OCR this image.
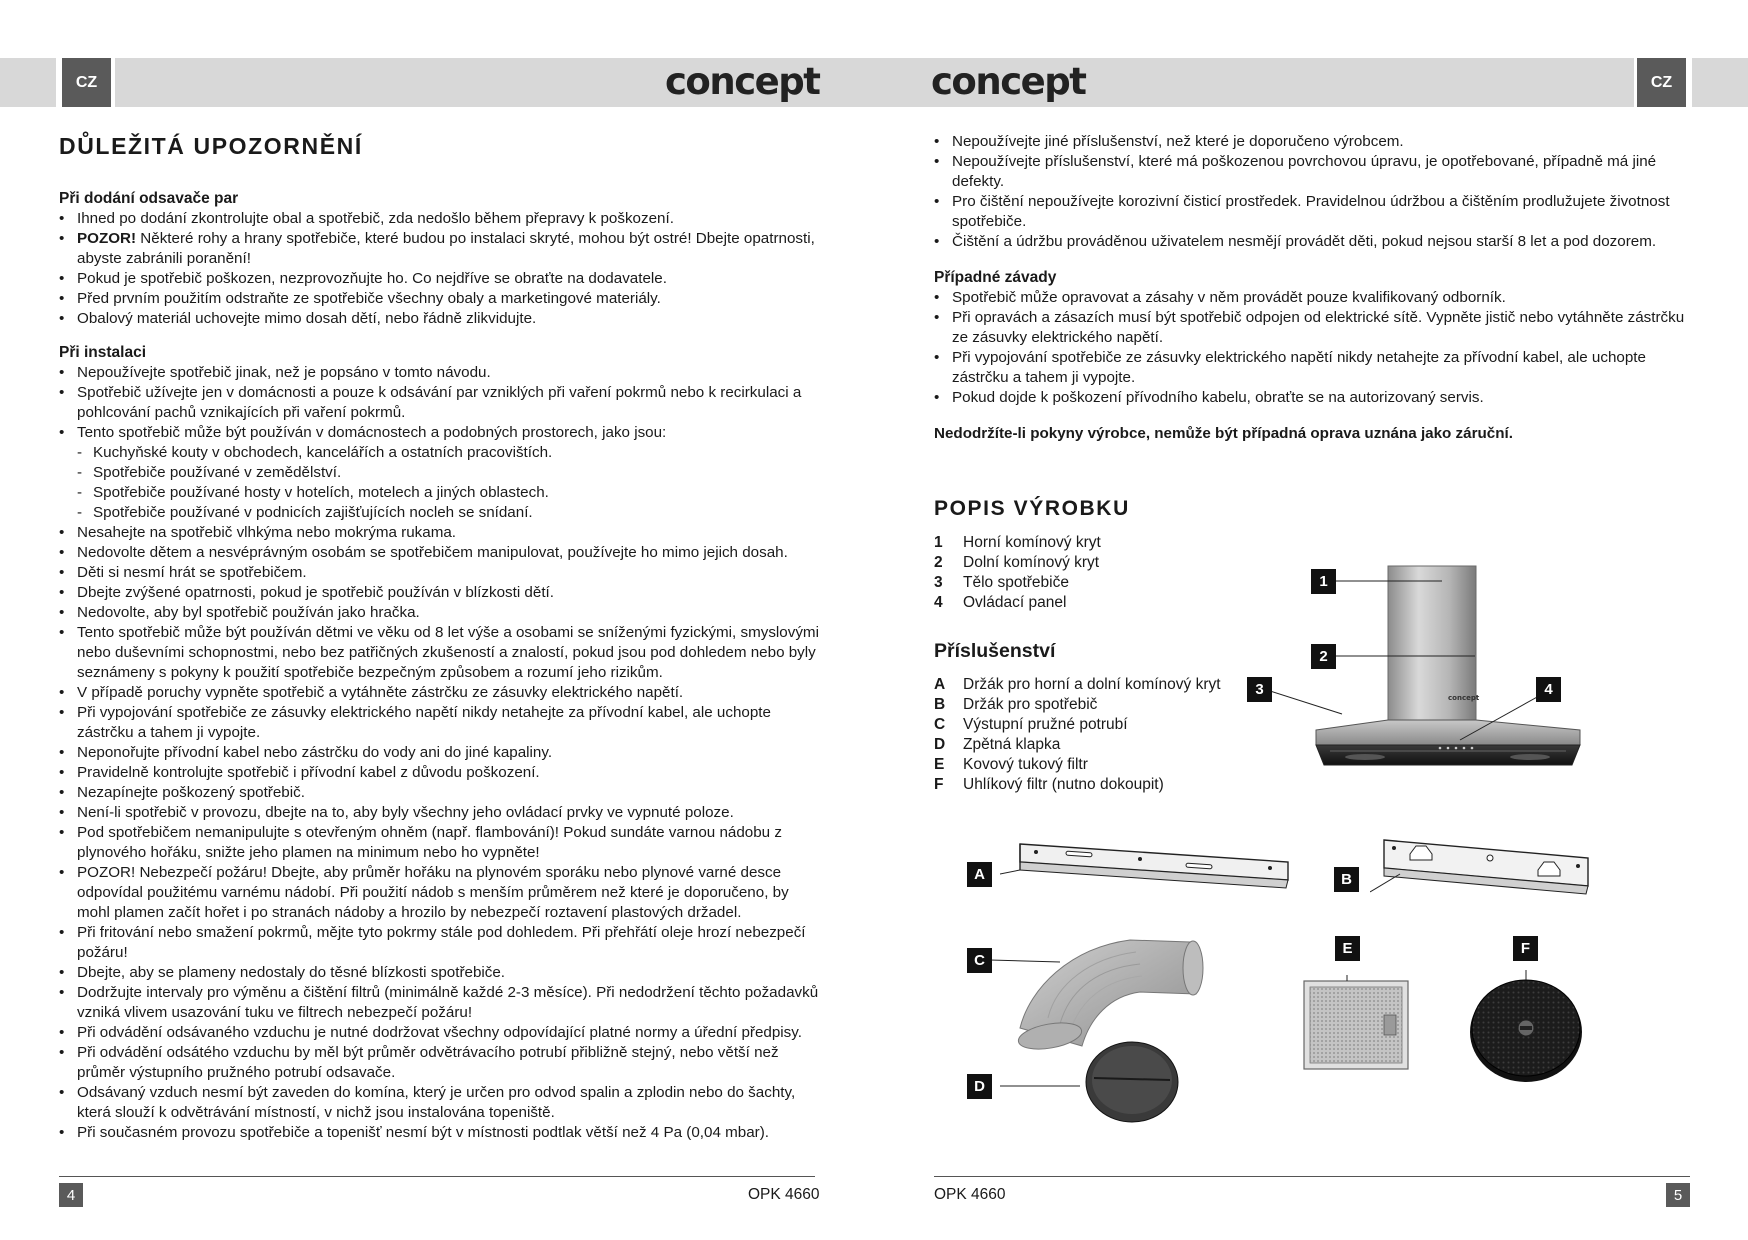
CZ	CZ
concept	concept
DŮLEŽITÁ UPOZORNĚNÍ
Při dodání odsavače par
• Ihned po dodání zkontrolujte obal a spotřebič, zda nedošlo během přepravy k poškození.
• POZOR! Některé rohy a hrany spotřebiče, které budou po instalaci skryté, mohou být ostré! Dbejte opatrnosti, abyste zabránili poranění!
• Pokud je spotřebič poškozen, nezprovozňujte ho. Co nejdříve se obraťte na dodavatele.
• Před prvním použitím odstraňte ze spotřebiče všechny obaly a marketingové materiály.
• Obalový materiál uchovejte mimo dosah dětí, nebo řádně zlikvidujte.
Při instalaci
• Nepoužívejte spotřebič jinak, než je popsáno v tomto návodu.
• Spotřebič užívejte jen v domácnosti a pouze k odsávání par vzniklých při vaření pokrmů nebo k recirkulaci a pohlcování pachů vznikajících při vaření pokrmů.
• Tento spotřebič může být používán v domácnostech a podobných prostorech, jako jsou:
- Kuchyňské kouty v obchodech, kancelářích a ostatních pracovištích.
- Spotřebiče používané v zemědělství.
- Spotřebiče používané hosty v hotelích, motelech a jiných oblastech.
- Spotřebiče používané v podnicích zajišťujících nocleh se snídaní.
• Nesahejte na spotřebič vlhkýma nebo mokrýma rukama.
• Nedovolte dětem a nesvéprávným osobám se spotřebičem manipulovat, používejte ho mimo jejich dosah.
• Děti si nesmí hrát se spotřebičem.
• Dbejte zvýšené opatrnosti, pokud je spotřebič používán v blízkosti dětí.
• Nedovolte, aby byl spotřebič používán jako hračka.
• Tento spotřebič může být používán dětmi ve věku od 8 let výše a osobami se sníženými fyzickými, smyslovými nebo duševními schopnostmi, nebo bez patřičných zkušeností a znalostí, pokud jsou pod dohledem nebo byly seznámeny s pokyny k použití spotřebiče bezpečným způsobem a rozumí jeho rizikům.
• V případě poruchy vypněte spotřebič a vytáhněte zástrčku ze zásuvky elektrického napětí.
• Při vypojování spotřebiče ze zásuvky elektrického napětí nikdy netahejte za přívodní kabel, ale uchopte zástrčku a tahem ji vypojte.
• Neponořujte přívodní kabel nebo zástrčku do vody ani do jiné kapaliny.
• Pravidelně kontrolujte spotřebič i přívodní kabel z důvodu poškození.
• Nezapínejte poškozený spotřebič.
• Není-li spotřebič v provozu, dbejte na to, aby byly všechny jeho ovládací prvky ve vypnuté poloze.
• Pod spotřebičem nemanipulujte s otevřeným ohněm (např. flambování)! Pokud sundáte varnou nádobu z plynového hořáku, snižte jeho plamen na minimum nebo ho vypněte!
• POZOR! Nebezpečí požáru! Dbejte, aby průměr hořáku na plynovém sporáku nebo plynové varné desce odpovídal použitému varnému nádobí. Při použití nádob s menším průměrem než které je doporučeno, by mohl plamen začít hořet i po stranách nádoby a hrozilo by nebezpečí roztavení plastových držadel.
• Při fritování nebo smažení pokrmů, mějte tyto pokrmy stále pod dohledem. Při přehřátí oleje hrozí nebezpečí požáru!
• Dbejte, aby se plameny nedostaly do těsné blízkosti spotřebiče.
• Dodržujte intervaly pro výměnu a čištění filtrů (minimálně každé 2-3 měsíce). Při nedodržení těchto požadavků vzniká vlivem usazování tuku ve filtrech nebezpečí požáru!
• Při odvádění odsávaného vzduchu je nutné dodržovat všechny odpovídající platné normy a úřední předpisy.
• Při odvádění odsátého vzduchu by měl být průměr odvětrávacího potrubí přibližně stejný, nebo větší než průměr výstupního pružného potrubí odsavače.
• Odsávaný vzduch nesmí být zaveden do komína, který je určen pro odvod spalin a zplodin nebo do šachty, která slouží k odvětrávání místností, v nichž jsou instalována topeniště.
• Při současném provozu spotřebiče a topenišť nesmí být v místnosti podtlak větší než 4 Pa (0,04 mbar).
4	OPK 4660
• Nepoužívejte jiné příslušenství, než které je doporučeno výrobcem.
• Nepoužívejte příslušenství, které má poškozenou povrchovou úpravu, je opotřebované, případně má jiné defekty.
• Pro čištění nepoužívejte korozivní čisticí prostředek. Pravidelnou údržbou a čištěním prodlužujete životnost spotřebiče.
• Čištění a údržbu prováděnou uživatelem nesmějí provádět děti, pokud nejsou starší 8 let a pod dozorem.
Případné závady
• Spotřebič může opravovat a zásahy v něm provádět pouze kvalifikovaný odborník.
• Při opravách a zásazích musí být spotřebič odpojen od elektrické sítě. Vypněte jistič nebo vytáhněte zástrčku ze zásuvky elektrického napětí.
• Při vypojování spotřebiče ze zásuvky elektrického napětí nikdy netahejte za přívodní kabel, ale uchopte zástrčku a tahem ji vypojte.
• Pokud dojde k poškození přívodního kabelu, obraťte se na autorizovaný servis.
Nedodržíte-li pokyny výrobce, nemůže být případná oprava uznána jako záruční.
POPIS VÝROBKU
1	Horní komínový kryt
2	Dolní komínový kryt
3	Tělo spotřebiče
4	Ovládací panel
Příslušenství
A	Držák pro horní a dolní komínový kryt
B	Držák pro spotřebič
C	Výstupní pružné potrubí
D	Zpětná klapka
E	Kovový tukový filtr
F	Uhlíkový filtr (nutno dokoupit)
concept
1
2
3	4
A	B
C
D
E	F
OPK 4660	5
